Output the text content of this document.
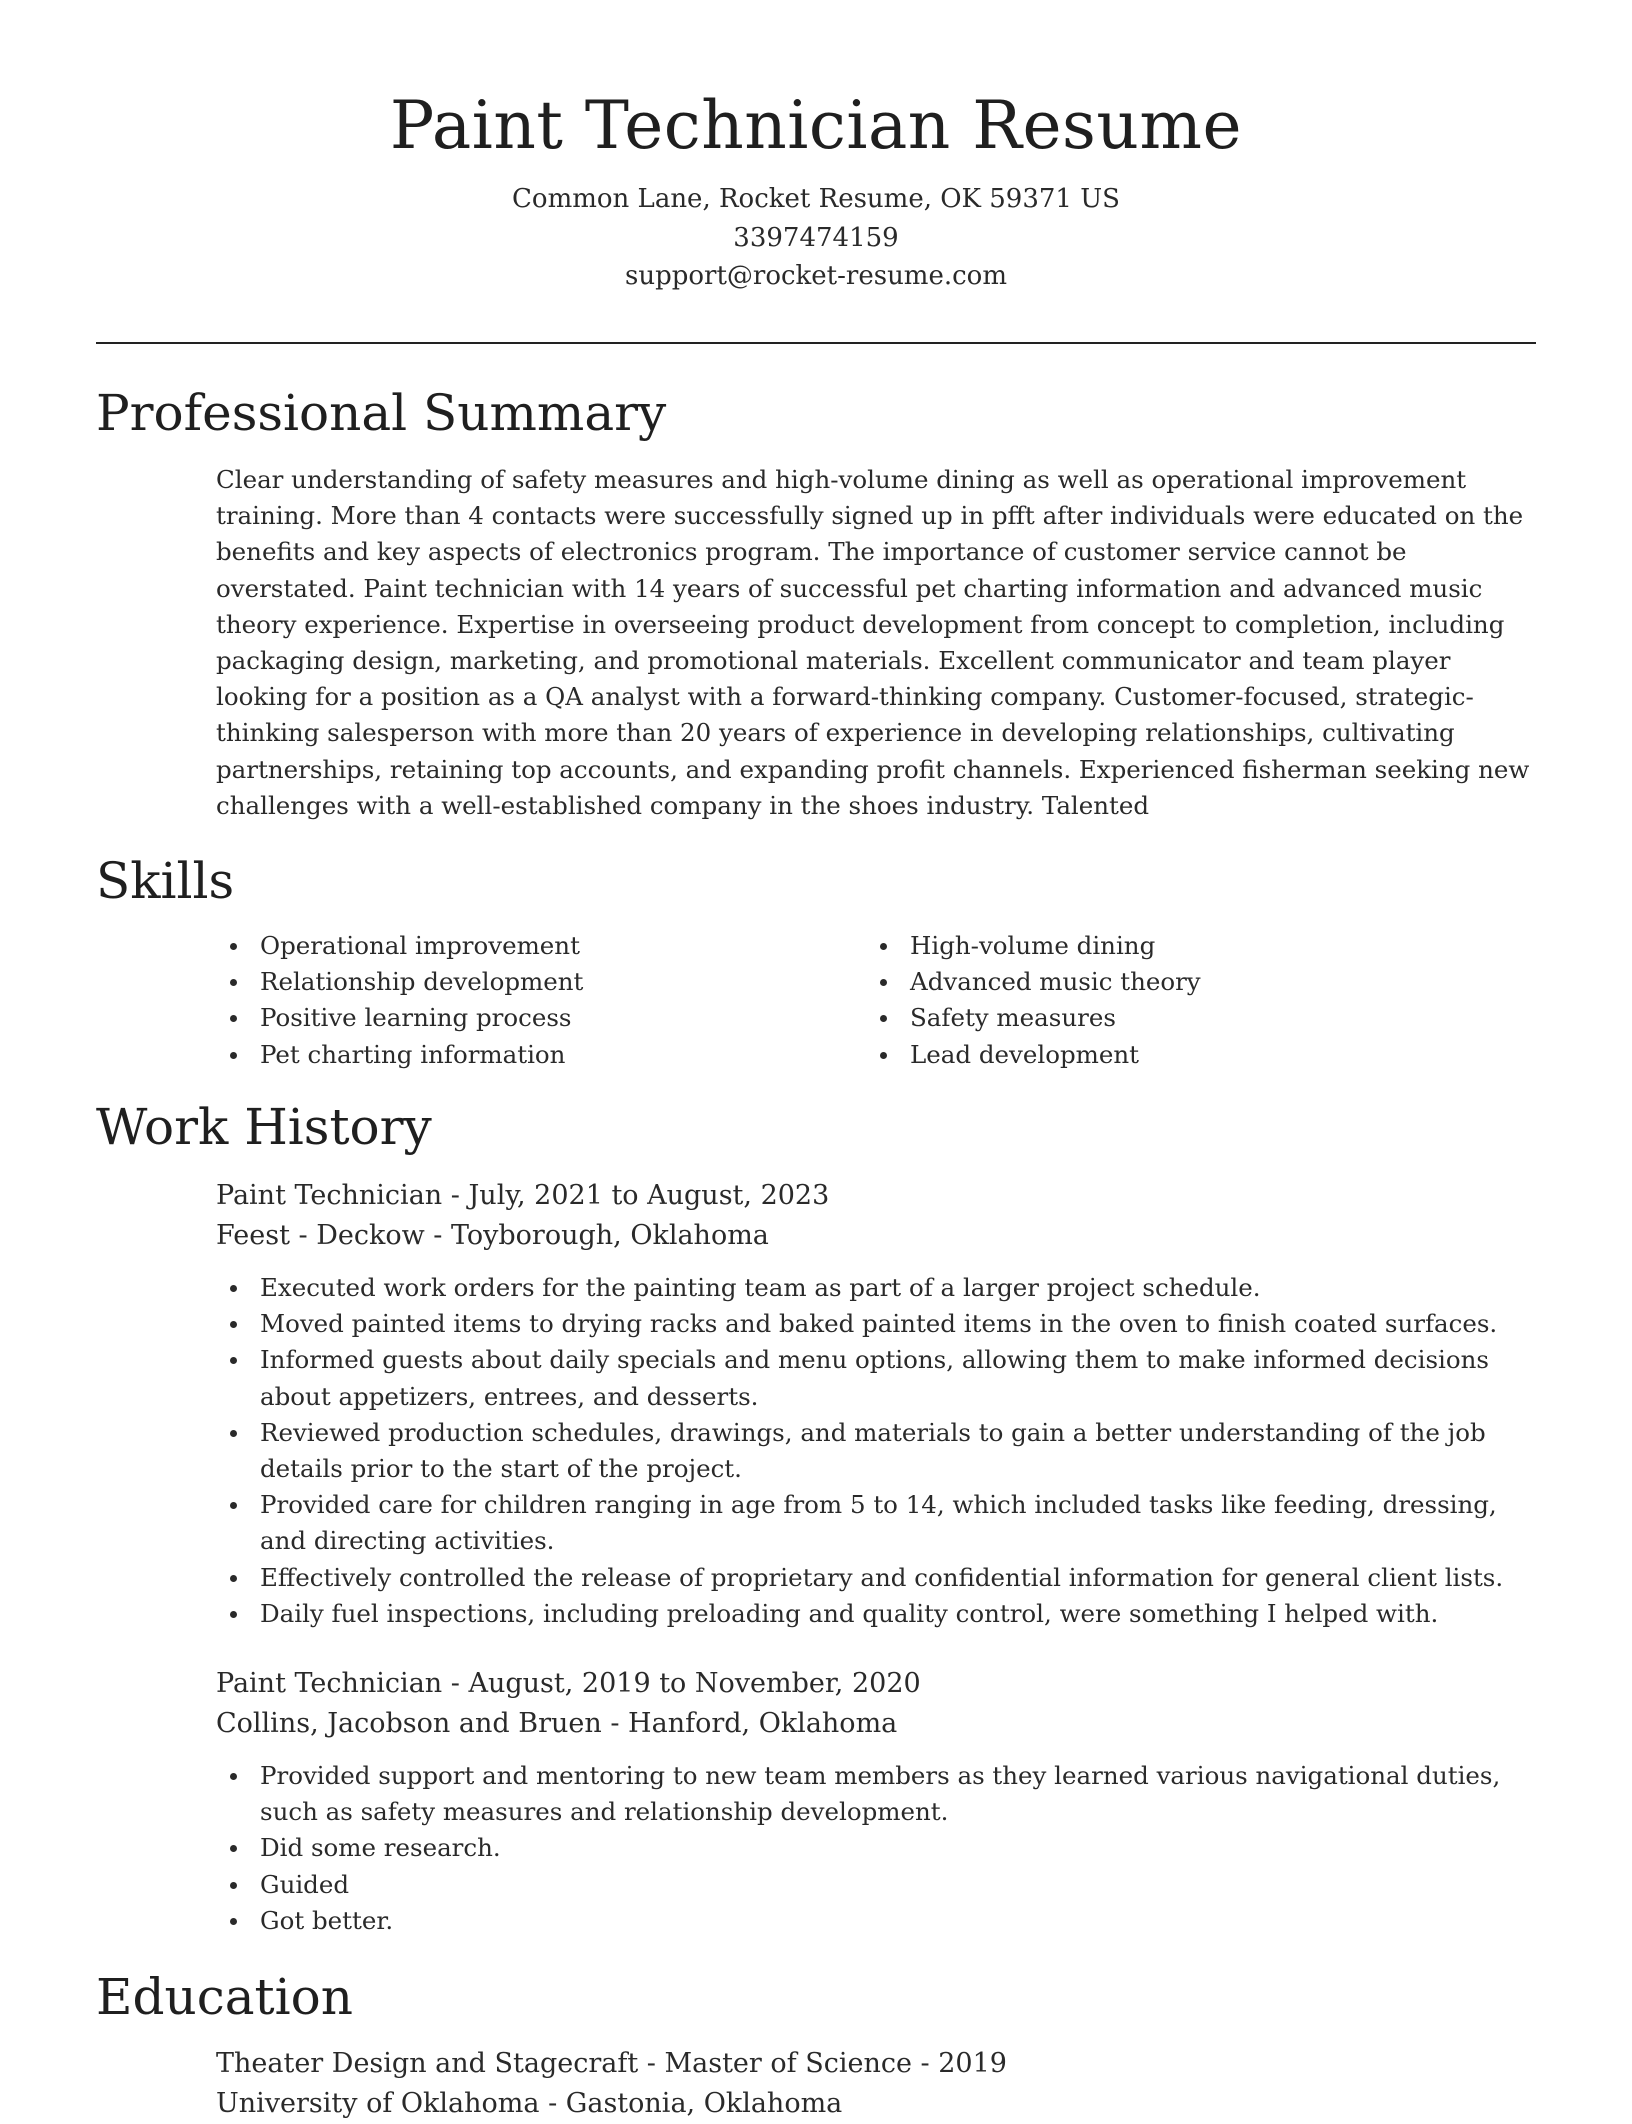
Paint Technician Resume
Common Lane, Rocket Resume, OK 59371 US
3397474159
support@rocket-resume.com
Professional Summary

Clear understanding of safety measures and high-volume dining as well as operational improvement training. More than 4 contacts were successfully signed up in pfft after individuals were educated on the benefits and key aspects of electronics program. The importance of customer service cannot be overstated. Paint technician with 14 years of successful pet charting information and advanced music theory experience. Expertise in overseeing product development from concept to completion, including packaging design, marketing, and promotional materials. Excellent communicator and team player looking for a position as a QA analyst with a forward-thinking company. Customer-focused, strategic-thinking salesperson with more than 20 years of experience in developing relationships, cultivating partnerships, retaining top accounts, and expanding profit channels. Experienced fisherman seeking new challenges with a well-established company in the shoes industry. Talented

Skills
Operational improvement
Relationship development
Positive learning process
Pet charting information
High-volume dining
Advanced music theory
Safety measures
Lead development
Work History
Paint Technician - July, 2021 to August, 2023
Feest - Deckow - Toyborough, Oklahoma
Executed work orders for the painting team as part of a larger project schedule.
Moved painted items to drying racks and baked painted items in the oven to finish coated surfaces.
Informed guests about daily specials and menu options, allowing them to make informed decisions about appetizers, entrees, and desserts.
Reviewed production schedules, drawings, and materials to gain a better understanding of the job details prior to the start of the project.
Provided care for children ranging in age from 5 to 14, which included tasks like feeding, dressing, and directing activities.
Effectively controlled the release of proprietary and confidential information for general client lists.
Daily fuel inspections, including preloading and quality control, were something I helped with.
Paint Technician - August, 2019 to November, 2020
Collins, Jacobson and Bruen - Hanford, Oklahoma
Provided support and mentoring to new team members as they learned various navigational duties, such as safety measures and relationship development.
Did some research.
Guided
Got better.
Education
Theater Design and Stagecraft - Master of Science - 2019
University of Oklahoma - Gastonia, Oklahoma
